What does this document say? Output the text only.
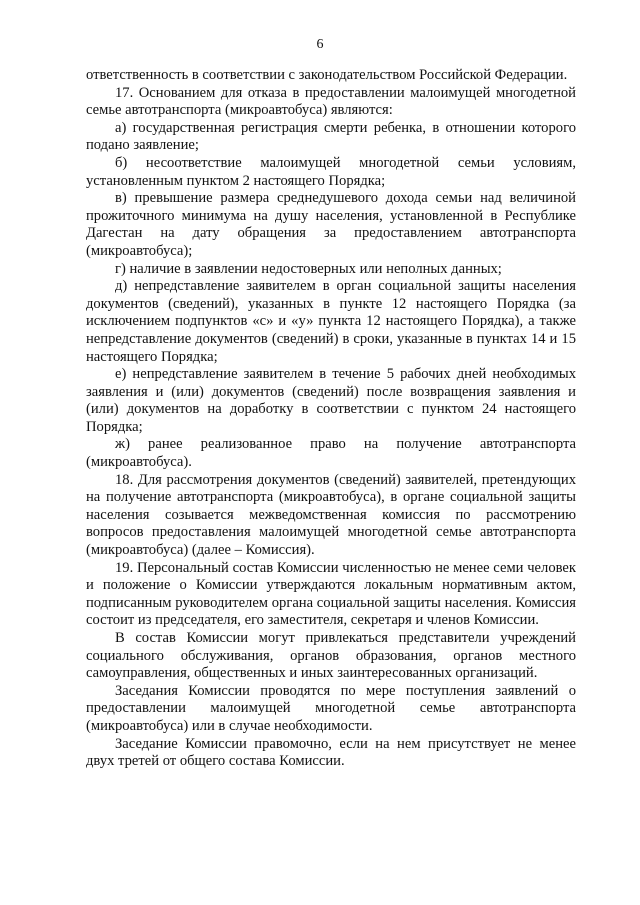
6

ответственность в соответствии с законодательством Российской Федерации.

17. Основанием для отказа в предоставлении малоимущей многодетной семье автотранспорта (микроавтобуса) являются:

а) государственная регистрация смерти ребенка, в отношении которого подано заявление;

б) несоответствие малоимущей многодетной семьи условиям, установленным пунктом 2 настоящего Порядка;

в) превышение размера среднедушевого дохода семьи над величиной прожиточного минимума на душу населения, установленной в Республике Дагестан на дату обращения за предоставлением автотранспорта (микроавтобуса);

г) наличие в заявлении недостоверных или неполных данных;

д) непредставление заявителем в орган социальной защиты населения документов (сведений), указанных в пункте 12 настоящего Порядка (за исключением подпунктов «с» и «у» пункта 12 настоящего Порядка), а также непредставление документов (сведений) в сроки, указанные в пунктах 14 и 15 настоящего Порядка;

е) непредставление заявителем в течение 5 рабочих дней необходимых заявления и (или) документов (сведений) после возвращения заявления и (или) документов на доработку в соответствии с пунктом 24 настоящего Порядка;

ж) ранее реализованное право на получение автотранспорта (микроавтобуса).

18. Для рассмотрения документов (сведений) заявителей, претендующих на получение автотранспорта (микроавтобуса), в органе социальной защиты населения созывается межведомственная комиссия по рассмотрению вопросов предоставления малоимущей многодетной семье автотранспорта (микроавтобуса) (далее – Комиссия).

19. Персональный состав Комиссии численностью не менее семи человек и положение о Комиссии утверждаются локальным нормативным актом, подписанным руководителем органа социальной защиты населения. Комиссия состоит из председателя, его заместителя, секретаря и членов Комиссии.

В состав Комиссии могут привлекаться представители учреждений социального обслуживания, органов образования, органов местного самоуправления, общественных и иных заинтересованных организаций.

Заседания Комиссии проводятся по мере поступления заявлений о предоставлении малоимущей многодетной семье автотранспорта (микроавтобуса) или в случае необходимости.

Заседание Комиссии правомочно, если на нем присутствует не менее двух третей от общего состава Комиссии.
